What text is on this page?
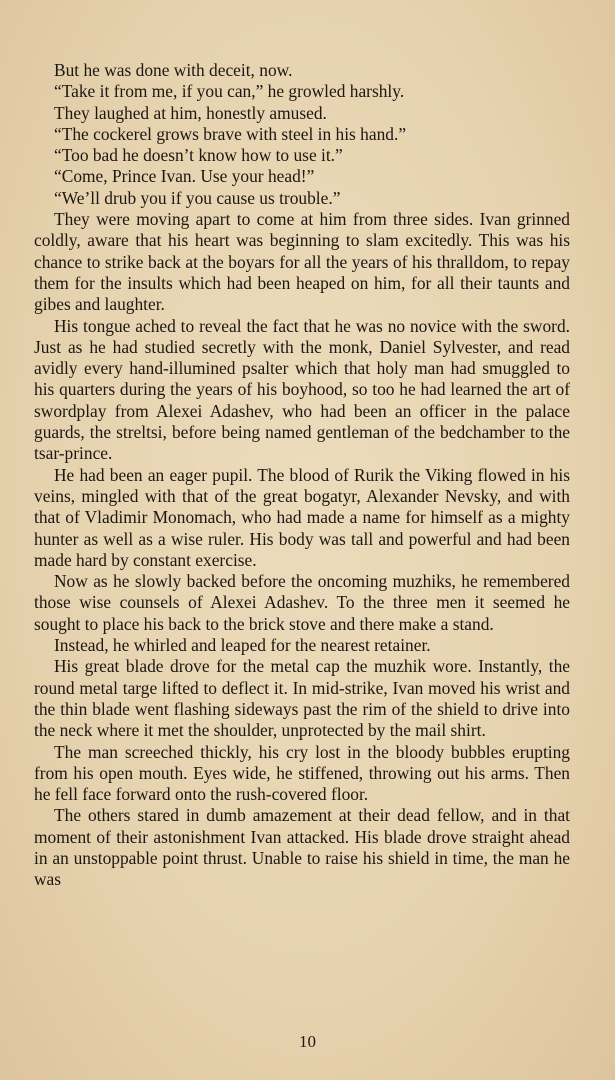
But he was done with deceit, now.

“Take it from me, if you can,” he growled harshly.

They laughed at him, honestly amused.

“The cockerel grows brave with steel in his hand.”

“Too bad he doesn’t know how to use it.”

“Come, Prince Ivan. Use your head!”

“We’ll drub you if you cause us trouble.”

They were moving apart to come at him from three sides. Ivan grinned coldly, aware that his heart was beginning to slam excitedly. This was his chance to strike back at the boyars for all the years of his thralldom, to repay them for the insults which had been heaped on him, for all their taunts and gibes and laughter.

His tongue ached to reveal the fact that he was no novice with the sword. Just as he had studied secretly with the monk, Daniel Sylvester, and read avidly every hand-illumined psalter which that holy man had smuggled to his quarters during the years of his boyhood, so too he had learned the art of swordplay from Alexei Adashev, who had been an officer in the palace guards, the streltsi, before being named gentleman of the bedchamber to the tsar-prince.

He had been an eager pupil. The blood of Rurik the Viking flowed in his veins, mingled with that of the great bogatyr, Alexander Nevsky, and with that of Vladimir Monomach, who had made a name for himself as a mighty hunter as well as a wise ruler. His body was tall and powerful and had been made hard by constant exercise.

Now as he slowly backed before the oncoming muzhiks, he remembered those wise counsels of Alexei Adashev. To the three men it seemed he sought to place his back to the brick stove and there make a stand.

Instead, he whirled and leaped for the nearest retainer.

His great blade drove for the metal cap the muzhik wore. Instantly, the round metal targe lifted to deflect it. In mid-strike, Ivan moved his wrist and the thin blade went flashing sideways past the rim of the shield to drive into the neck where it met the shoulder, unprotected by the mail shirt.

The man screeched thickly, his cry lost in the bloody bubbles erupting from his open mouth. Eyes wide, he stiffened, throwing out his arms. Then he fell face forward onto the rush-covered floor.

The others stared in dumb amazement at their dead fellow, and in that moment of their astonishment Ivan attacked. His blade drove straight ahead in an unstoppable point thrust. Unable to raise his shield in time, the man he was

10
